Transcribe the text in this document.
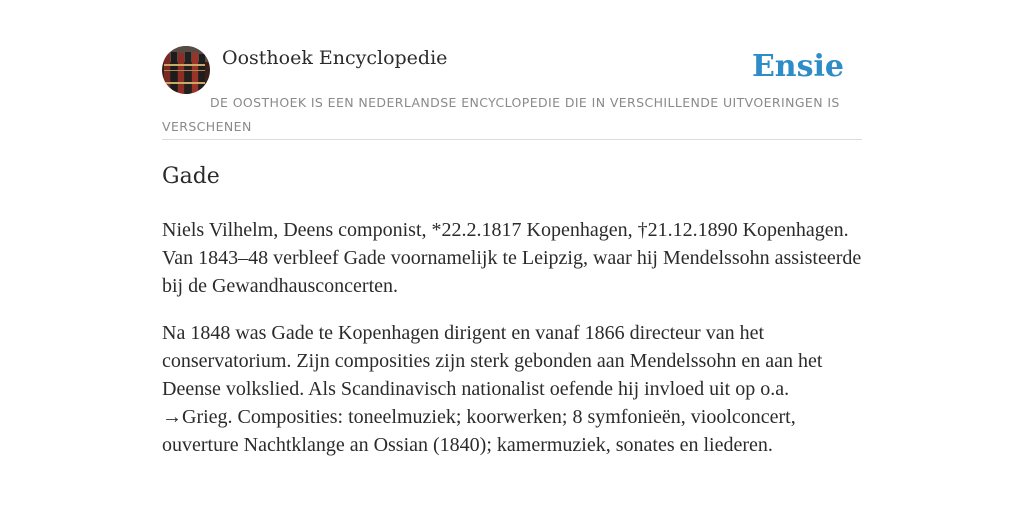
Oosthoek Encyclopedie	Ensie
DE OOSTHOEK IS EEN NEDERLANDSE ENCYCLOPEDIE DIE IN VERSCHILLENDE UITVOERINGEN IS VERSCHENEN
Gade

Niels Vilhelm, Deens componist, *22.2.1817 Kopenhagen, †21.12.1890 Kopenhagen. Van 1843–48 verbleef Gade voornamelijk te Leipzig, waar hij Mendelssohn assisteerde bij de Gewandhausconcerten.

Na 1848 was Gade te Kopenhagen dirigent en vanaf 1866 directeur van het conservatorium. Zijn composities zijn sterk gebonden aan Mendelssohn en aan het Deense volkslied. Als Scandinavisch nationalist oefende hij invloed uit op o.a. →Grieg. Composities: toneelmuziek; koorwerken; 8 symfonieën, vioolconcert, ouverture Nachtklange an Ossian (1840); kamermuziek, sonates en liederen.
